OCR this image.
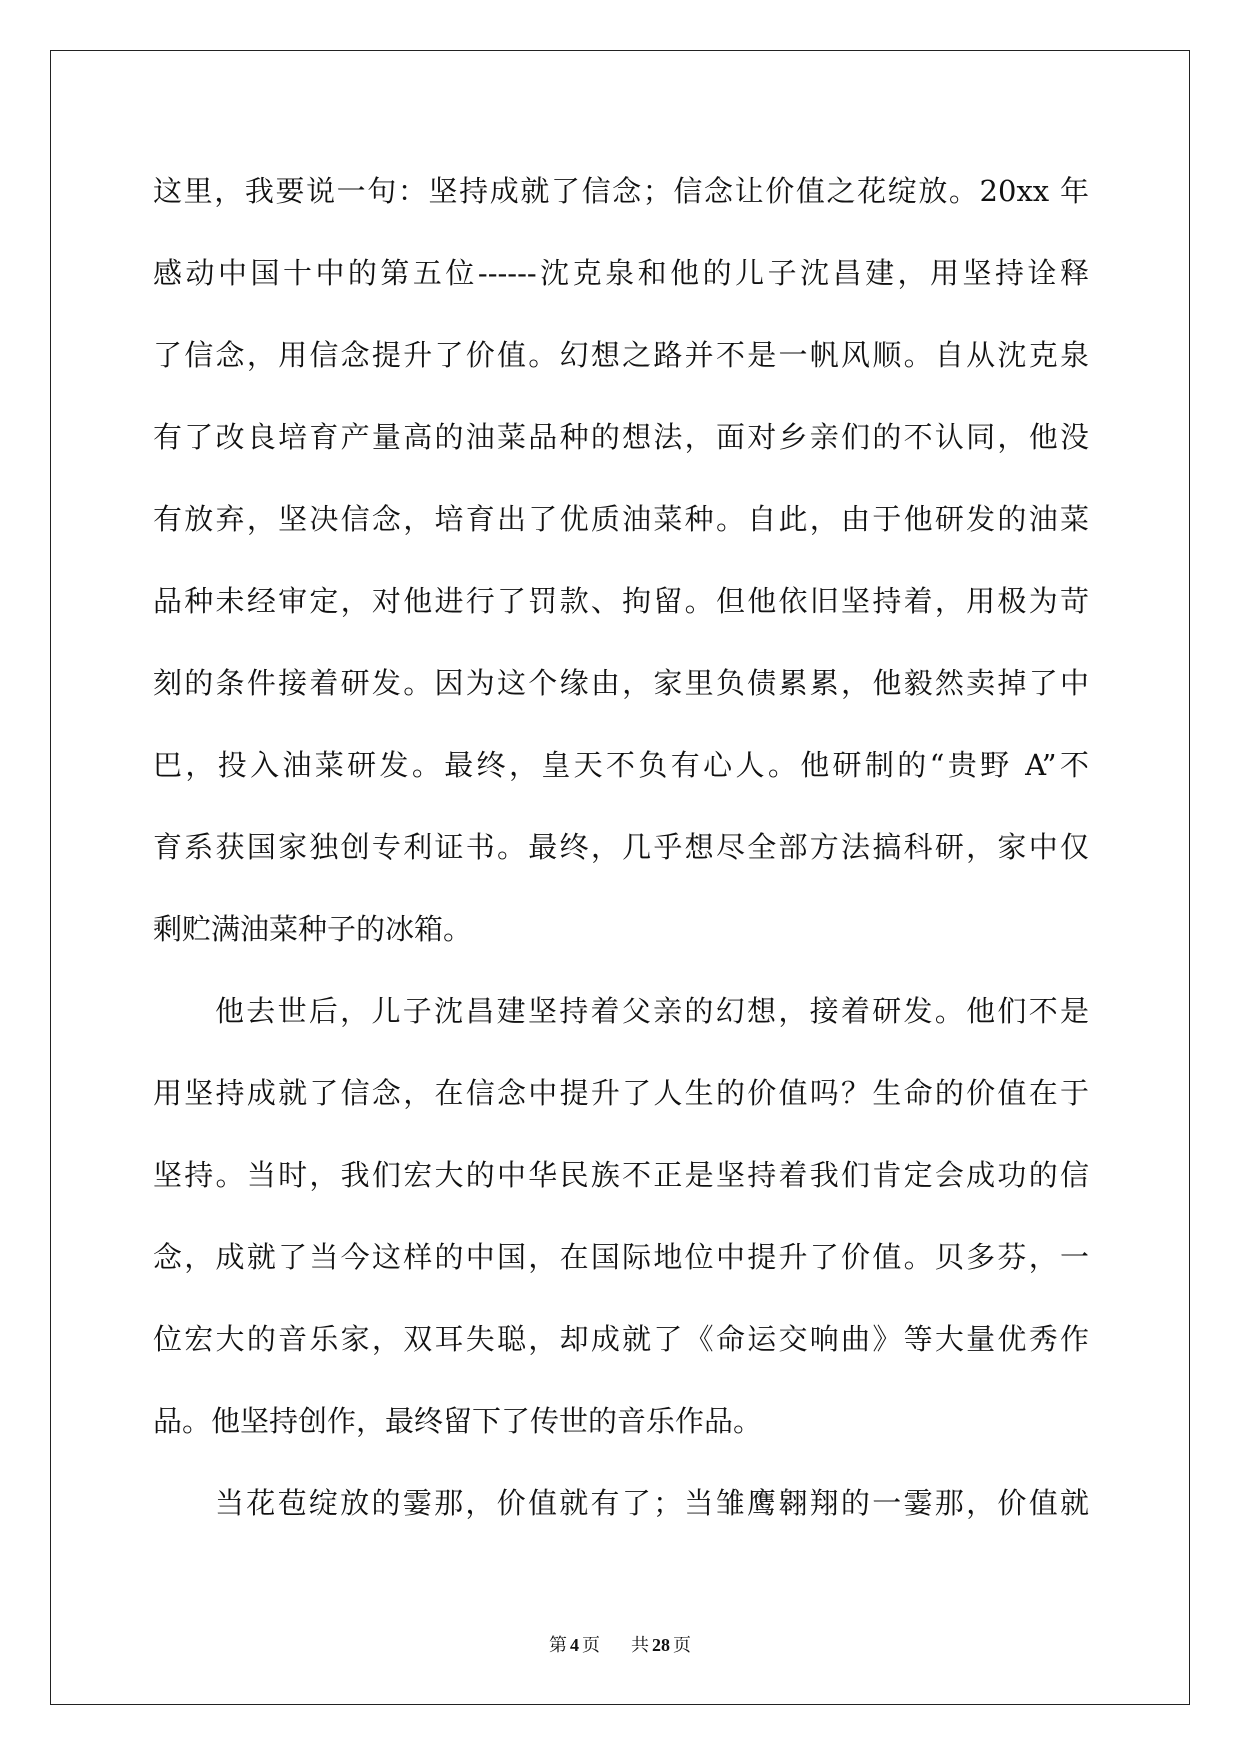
这里，我要说一句：坚持成就了信念；信念让价值之花绽放。20xx 年
感动中国十中的第五位------沈克泉和他的儿子沈昌建，用坚持诠释
了信念，用信念提升了价值。幻想之路并不是一帆风顺。自从沈克泉
有了改良培育产量高的油菜品种的想法，面对乡亲们的不认同，他没
有放弃，坚决信念，培育出了优质油菜种。自此，由于他研发的油菜
品种未经审定，对他进行了罚款、拘留。但他依旧坚持着，用极为苛
刻的条件接着研发。因为这个缘由，家里负债累累，他毅然卖掉了中
巴，投入油菜研发。最终，皇天不负有心人。他研制的“贵野 A”不
育系获国家独创专利证书。最终，几乎想尽全部方法搞科研，家中仅
剩贮满油菜种子的冰箱。
他去世后，儿子沈昌建坚持着父亲的幻想，接着研发。他们不是
用坚持成就了信念，在信念中提升了人生的价值吗？生命的价值在于
坚持。当时，我们宏大的中华民族不正是坚持着我们肯定会成功的信
念，成就了当今这样的中国，在国际地位中提升了价值。贝多芬，一
位宏大的音乐家，双耳失聪，却成就了《命运交响曲》等大量优秀作
品。他坚持创作，最终留下了传世的音乐作品。
当花苞绽放的霎那，价值就有了；当雏鹰翱翔的一霎那，价值就
第 4 页 共 28 页
